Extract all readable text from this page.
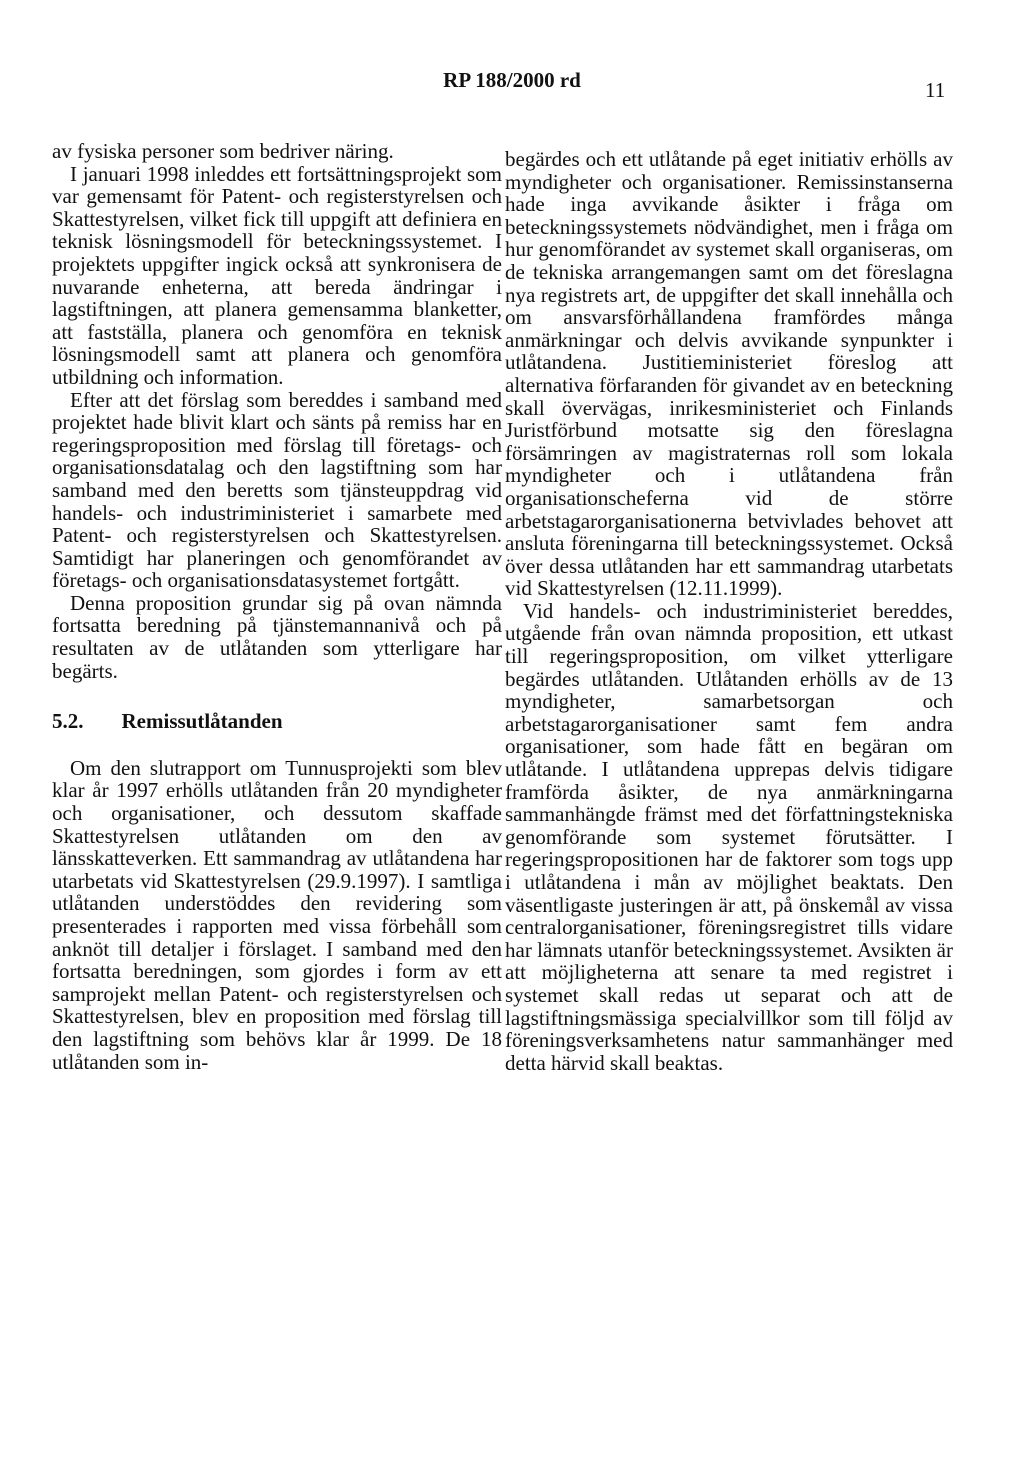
RP 188/2000 rd	11

av fysiska personer som bedriver näring.

I januari 1998 inleddes ett fortsättningsprojekt som var gemensamt för Patent- och registerstyrelsen och Skattestyrelsen, vilket fick till uppgift att definiera en teknisk lösningsmodell för beteckningssystemet. I projektets uppgifter ingick också att synkronisera de nuvarande enheterna, att bereda ändringar i lagstiftningen, att planera gemensamma blanketter, att fastställa, planera och genomföra en teknisk lösningsmodell samt att planera och genomföra utbildning och information.

Efter att det förslag som bereddes i samband med projektet hade blivit klart och sänts på remiss har en regeringsproposition med förslag till företags- och organisationsdatalag och den lagstiftning som har samband med den beretts som tjänsteuppdrag vid handels- och industriministeriet i samarbete med Patent- och registerstyrelsen och Skattestyrelsen. Samtidigt har planeringen och genomförandet av företags- och organisationsdatasystemet fortgått.

Denna proposition grundar sig på ovan nämnda fortsatta beredning på tjänstemannanivå och på resultaten av de utlåtanden som ytterligare har begärts.

5.2. Remissutlåtanden

Om den slutrapport om Tunnusprojekti som blev klar år 1997 erhölls utlåtanden från 20 myndigheter och organisationer, och dessutom skaffade Skattestyrelsen utlåtanden om den av länsskatteverken. Ett sammandrag av utlåtandena har utarbetats vid Skattestyrelsen (29.9.1997). I samtliga utlåtanden understöddes den revidering som presenterades i rapporten med vissa förbehåll som anknöt till detaljer i förslaget. I samband med den fortsatta beredningen, som gjordes i form av ett samprojekt mellan Patent- och registerstyrelsen och Skattestyrelsen, blev en proposition med förslag till den lagstiftning som behövs klar år 1999. De 18 utlåtanden som in-

begärdes och ett utlåtande på eget initiativ erhölls av myndigheter och organisationer. Remissinstanserna hade inga avvikande åsikter i fråga om beteckningssystemets nödvändighet, men i fråga om hur genomförandet av systemet skall organiseras, om de tekniska arrangemangen samt om det föreslagna nya registrets art, de uppgifter det skall innehålla och om ansvarsförhållandena framfördes många anmärkningar och delvis avvikande synpunkter i utlåtandena. Justitieministeriet föreslog att alternativa förfaranden för givandet av en beteckning skall övervägas, inrikesministeriet och Finlands Juristförbund motsatte sig den föreslagna försämringen av magistraternas roll som lokala myndigheter och i utlåtandena från organisationscheferna vid de större arbetstagarorganisationerna betvivlades behovet att ansluta föreningarna till beteckningssystemet. Också över dessa utlåtanden har ett sammandrag utarbetats vid Skattestyrelsen (12.11.1999).

Vid handels- och industriministeriet bereddes, utgående från ovan nämnda proposition, ett utkast till regeringsproposition, om vilket ytterligare begärdes utlåtanden. Utlåtanden erhölls av de 13 myndigheter, samarbetsorgan och arbetstagarorganisationer samt fem andra organisationer, som hade fått en begäran om utlåtande. I utlåtandena upprepas delvis tidigare framförda åsikter, de nya anmärkningarna sammanhängde främst med det författningstekniska genomförande som systemet förutsätter. I regeringspropositionen har de faktorer som togs upp i utlåtandena i mån av möjlighet beaktats. Den väsentligaste justeringen är att, på önskemål av vissa centralorganisationer, föreningsregistret tills vidare har lämnats utanför beteckningssystemet. Avsikten är att möjligheterna att senare ta med registret i systemet skall redas ut separat och att de lagstiftningsmässiga specialvillkor som till följd av föreningsverksamhetens natur sammanhänger med detta härvid skall beaktas.
